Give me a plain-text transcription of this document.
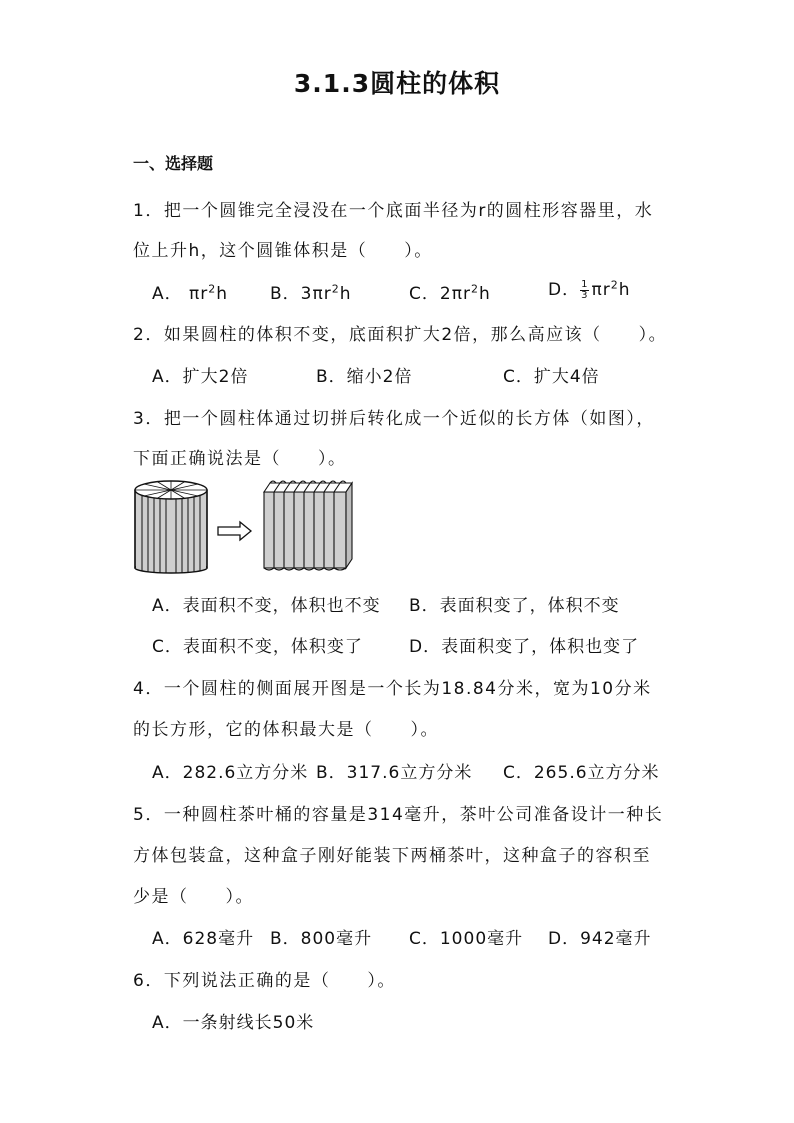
3.1.3圆柱的体积
一、选择题
1．把一个圆锥完全浸没在一个底面半径为r的圆柱形容器里，水
位上升h，这个圆锥体积是（　　）。
A． $\pi r^2h$ B．$3\pi r^2h$	C．$2\pi r^2h$	D． $\frac{1}{3} \pi r^2h$
2．如果圆柱的体积不变，底面积扩大2倍，那么高应该（　　）。
A．扩大2倍	B．缩小2倍	C．扩大4倍
3．把一个圆柱体通过切拼后转化成一个近似的长方体（如图），
下面正确说法是（　　）。
A．表面积不变，体积也不变 B．表面积变了，体积不变
C．表面积不变，体积变了	D．表面积变了，体积也变了
4．一个圆柱的侧面展开图是一个长为18.84分米，宽为10分米
的长方形，它的体积最大是（　　）。
A．282.6立方分米 B．317.6立方分米 C．265.6立方分米
5．一种圆柱茶叶桶的容量是314毫升，茶叶公司准备设计一种长
方体包装盒，这种盒子刚好能装下两桶茶叶，这种盒子的容积至
少是（　　）。
A．628毫升 B．800毫升 C．1000毫升 D．942毫升
6．下列说法正确的是（　　）。
A．一条射线长50米
